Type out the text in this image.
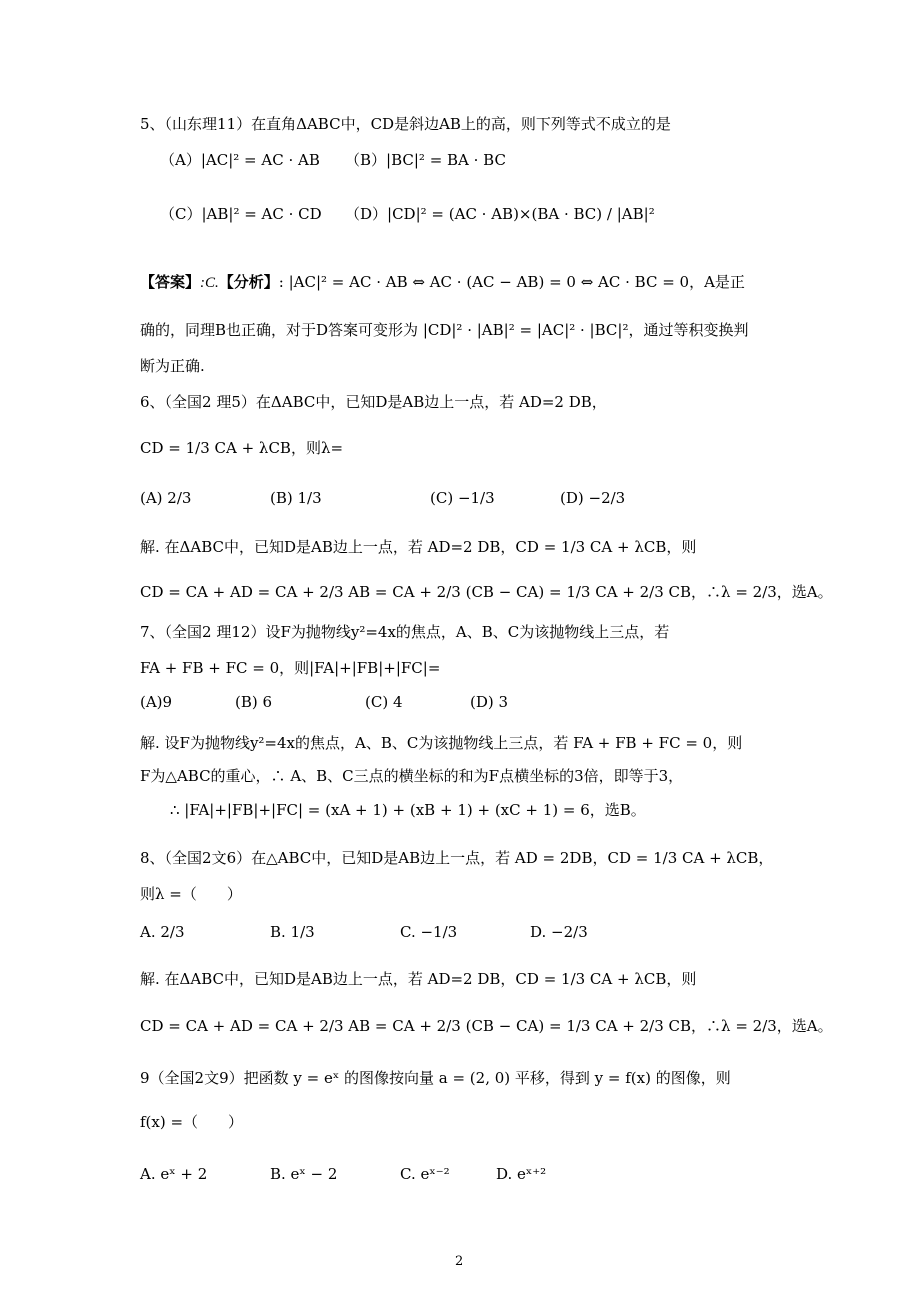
5、（山东理11）在直角ΔABC中，CD是斜边AB上的高，则下列等式不成立的是
（A）|AC|² = AC · AB （B）|BC|² = BA · BC
（C）|AB|² = AC · CD （D）|CD|² = (AC · AB)×(BA · BC) / |AB|²
【答案】:C.【分析】: |AC|² = AC · AB ⇔ AC · (AC − AB) = 0 ⇔ AC · BC = 0，A是正
确的，同理B也正确，对于D答案可变形为 |CD|² · |AB|² = |AC|² · |BC|²，通过等积变换判
断为正确.
6、（全国2 理5）在ΔABC中，已知D是AB边上一点，若 AD=2 DB，
CD = 1/3 CA + λCB，则λ=
(A) 2/3	(B) 1/3	(C) −1/3	(D) −2/3
解. 在ΔABC中，已知D是AB边上一点，若 AD=2 DB，CD = 1/3 CA + λCB，则
CD = CA + AD = CA + 2/3 AB = CA + 2/3 (CB − CA) = 1/3 CA + 2/3 CB，∴λ = 2/3，选A。
7、（全国2 理12）设F为抛物线y²=4x的焦点，A、B、C为该抛物线上三点，若
FA + FB + FC = 0，则|FA|+|FB|+|FC|=
(A)9	(B) 6	(C) 4	(D) 3
解. 设F为抛物线y²=4x的焦点，A、B、C为该抛物线上三点，若 FA + FB + FC = 0，则
F为△ABC的重心，∴ A、B、C三点的横坐标的和为F点横坐标的3倍，即等于3，
∴ |FA|+|FB|+|FC| = (xA + 1) + (xB + 1) + (xC + 1) = 6，选B。
8、（全国2文6）在△ABC中，已知D是AB边上一点，若 AD = 2DB，CD = 1/3 CA + λCB，
则λ =（　　）
A. 2/3	B. 1/3	C. −1/3	D. −2/3
解. 在ΔABC中，已知D是AB边上一点，若 AD=2 DB，CD = 1/3 CA + λCB，则
CD = CA + AD = CA + 2/3 AB = CA + 2/3 (CB − CA) = 1/3 CA + 2/3 CB，∴λ = 2/3，选A。
9（全国2文9）把函数 y = eˣ 的图像按向量 a = (2, 0) 平移，得到 y = f(x) 的图像，则
f(x) =（　　）
A. eˣ + 2	B. eˣ − 2	C. eˣ⁻²	D. eˣ⁺²
2
